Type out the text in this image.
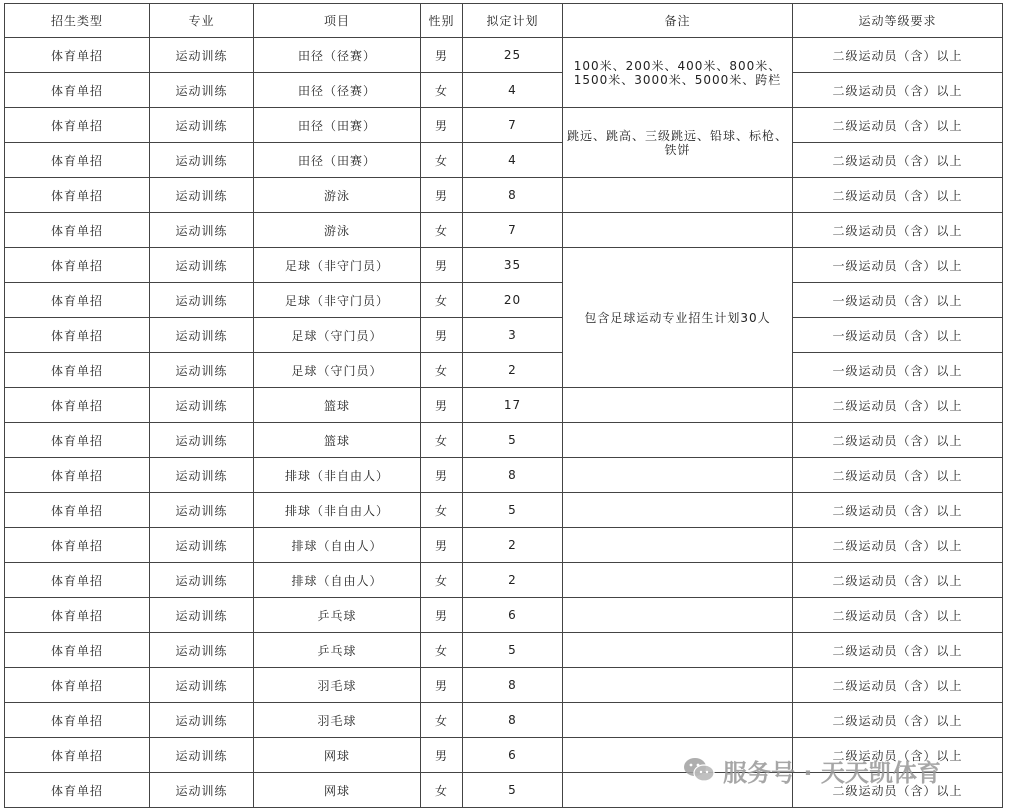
招生类型	专业	项目	性别	拟定计划	备注	运动等级要求
体育单招	运动训练	田径（径赛）	男	25	100米、200米、400米、800米、1500米、3000米、5000米、跨栏	二级运动员（含）以上
体育单招	运动训练	田径（径赛）	女	4		二级运动员（含）以上
体育单招	运动训练	田径（田赛）	男	7	跳远、跳高、三级跳远、铅球、标枪、铁饼	二级运动员（含）以上
体育单招	运动训练	田径（田赛）	女	4		二级运动员（含）以上
体育单招	运动训练	游泳	男	8		二级运动员（含）以上
体育单招	运动训练	游泳	女	7		二级运动员（含）以上
体育单招	运动训练	足球（非守门员）	男	35	包含足球运动专业招生计划30人	一级运动员（含）以上
体育单招	运动训练	足球（非守门员）	女	20		一级运动员（含）以上
体育单招	运动训练	足球（守门员）	男	3		一级运动员（含）以上
体育单招	运动训练	足球（守门员）	女	2		一级运动员（含）以上
体育单招	运动训练	篮球	男	17		二级运动员（含）以上
体育单招	运动训练	篮球	女	5		二级运动员（含）以上
体育单招	运动训练	排球（非自由人）	男	8		二级运动员（含）以上
体育单招	运动训练	排球（非自由人）	女	5		二级运动员（含）以上
体育单招	运动训练	排球（自由人）	男	2		二级运动员（含）以上
体育单招	运动训练	排球（自由人）	女	2		二级运动员（含）以上
体育单招	运动训练	乒乓球	男	6		二级运动员（含）以上
体育单招	运动训练	乒乓球	女	5		二级运动员（含）以上
体育单招	运动训练	羽毛球	男	8		二级运动员（含）以上
体育单招	运动训练	羽毛球	女	8		二级运动员（含）以上
体育单招	运动训练	网球	男	6		二级运动员（含）以上
体育单招	运动训练	网球	女	5		二级运动员（含）以上
服务号 · 天天凯体育
